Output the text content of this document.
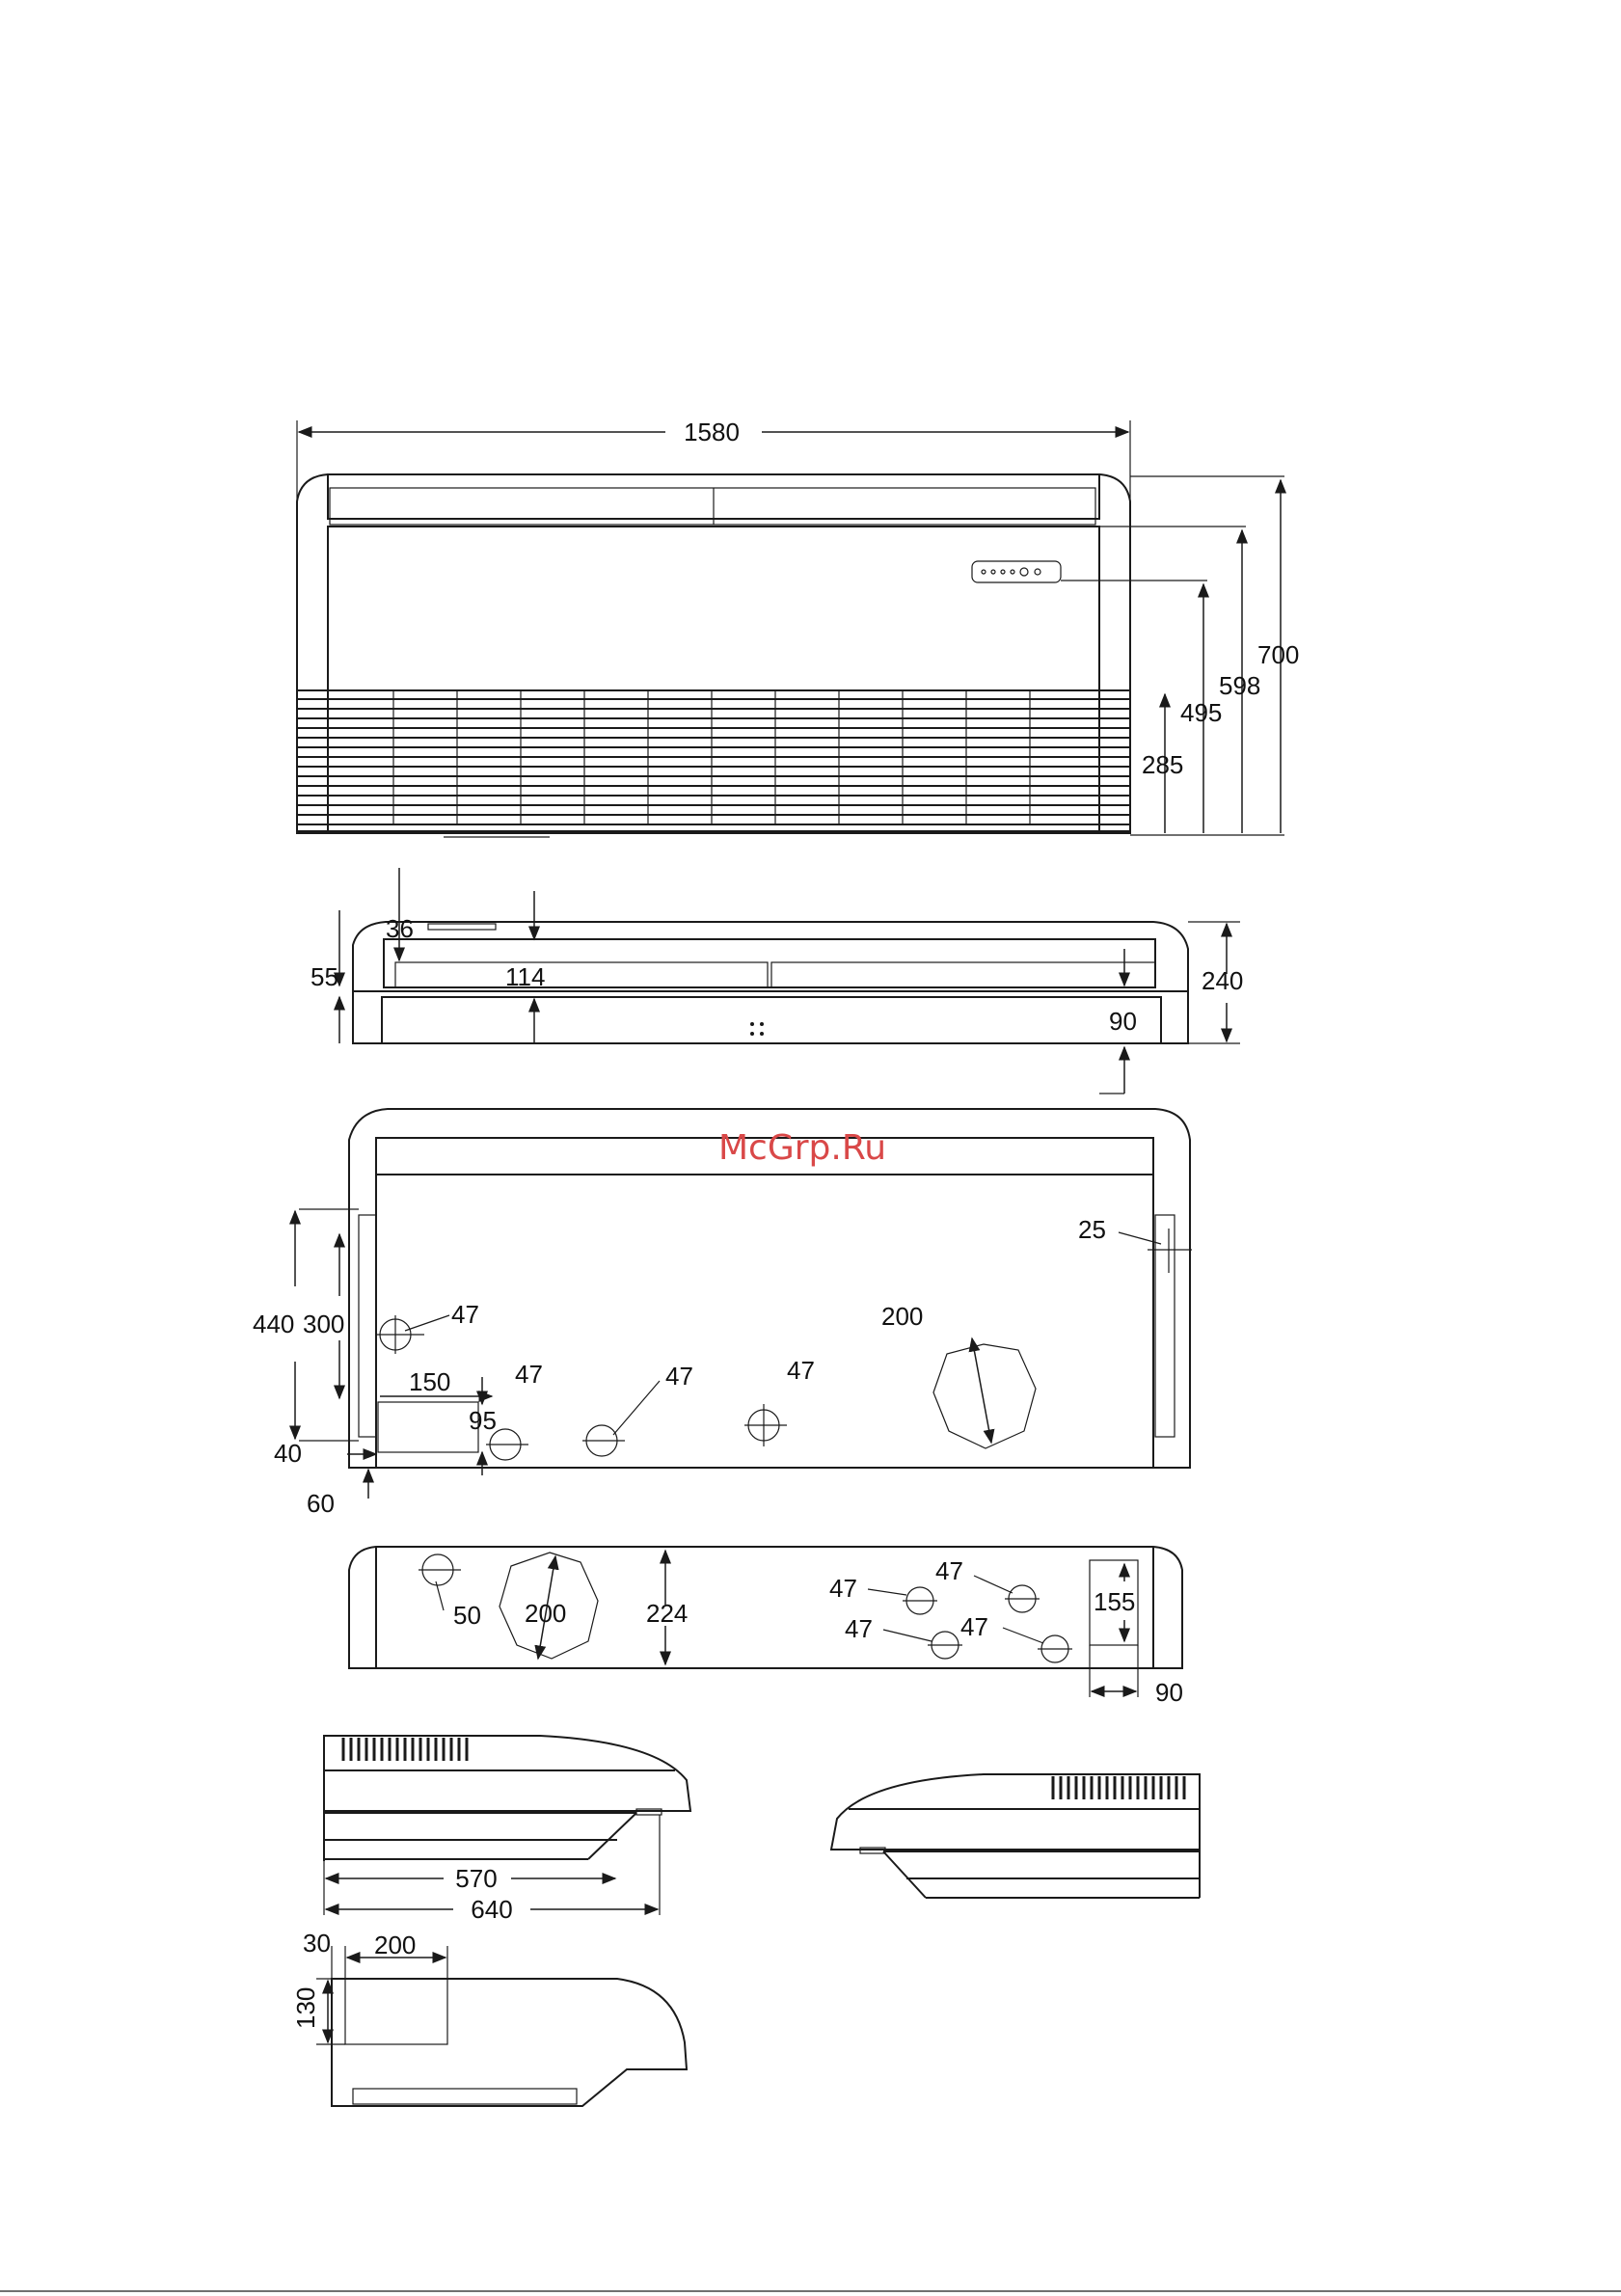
1580
700
598
495
285
36
55	114	240
90
25
200
47
47	47	47
440 300
150
95
40
60
McGrp.Ru
50 200	224
47
47
47	47
155
90
570
640
30 200
130
